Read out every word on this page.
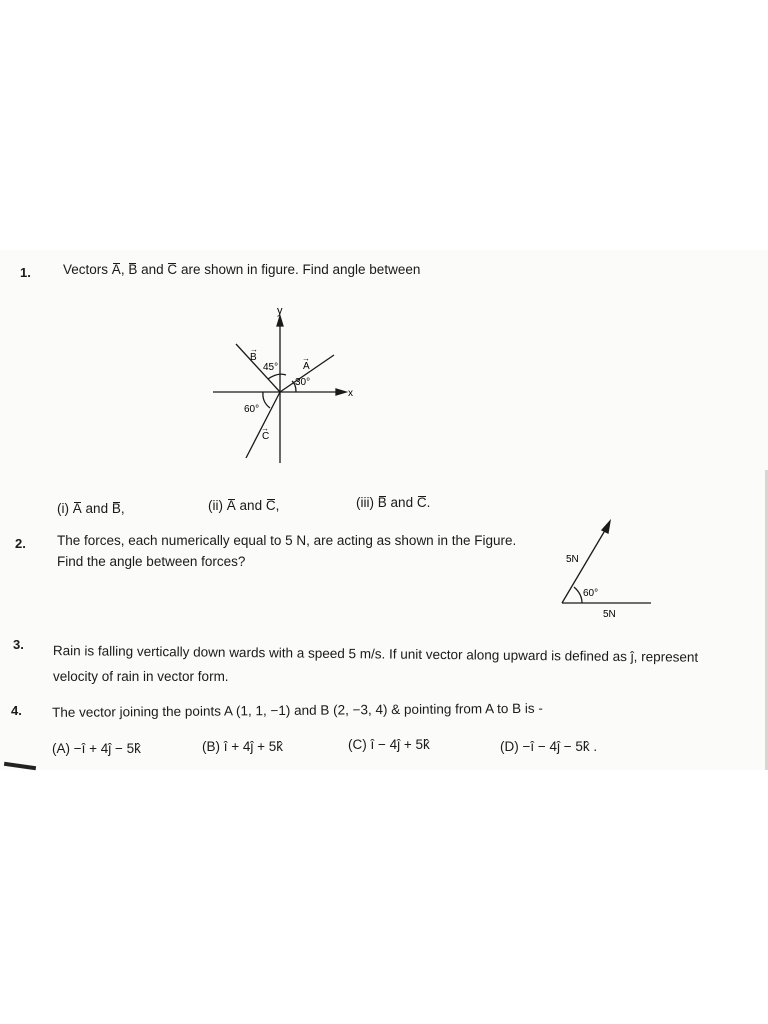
1. Vectors A, B and C are shown in figure. Find angle between
y
x
B
→
A
→
C
→
45°
30°
60°
(i) A and B,	(ii) A and C,	(iii) B and C.
2. The forces, each numerically equal to 5 N, are acting as shown in the Figure.
Find the angle between forces?	5N
5N
60°
3. Rain is falling vertically down wards with a speed 5 m/s. If unit vector along upward is defined as ĵ, represent
velocity of rain in vector form.
4. The vector joining the points A (1, 1, −1) and B (2, −3, 4) & pointing from A to B is -
(A) −î + 4ĵ − 5k̂	(B) î + 4ĵ + 5k̂	(C) î − 4ĵ + 5k̂	(D) −î − 4ĵ − 5k̂ .
